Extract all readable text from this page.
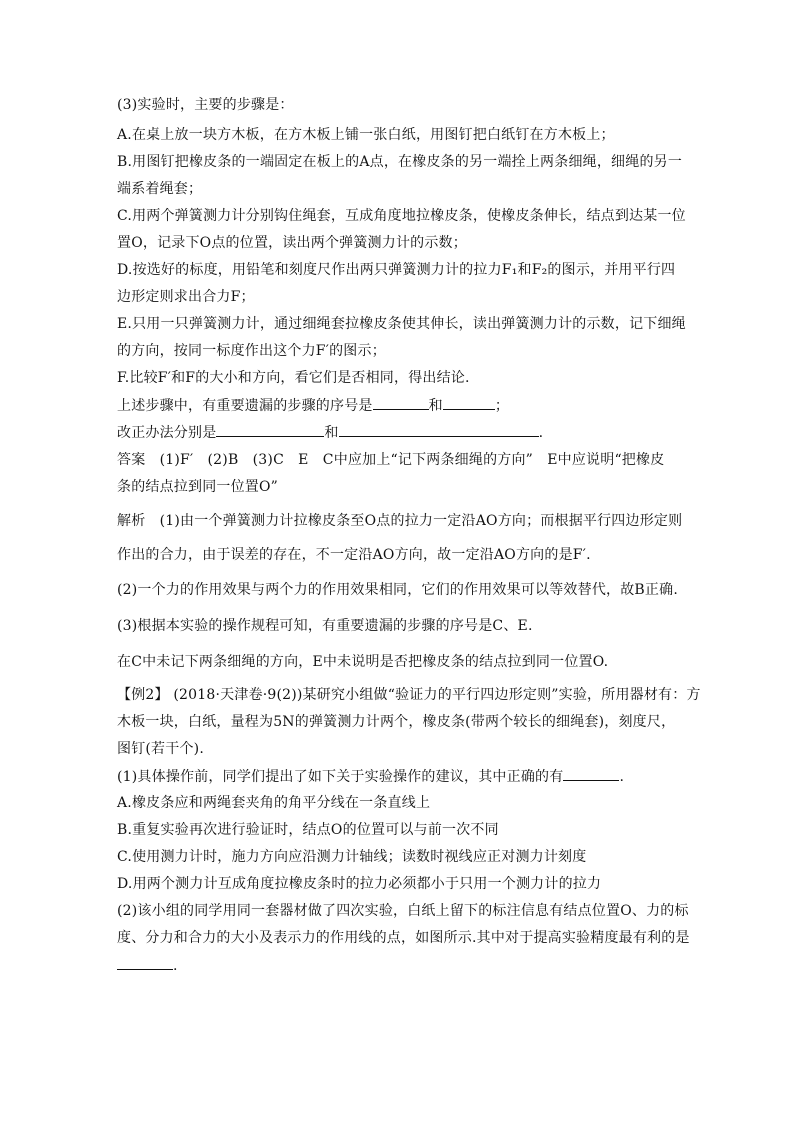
(3)实验时，主要的步骤是：
A.在桌上放一块方木板，在方木板上铺一张白纸，用图钉把白纸钉在方木板上；
B.用图钉把橡皮条的一端固定在板上的A点，在橡皮条的另一端拴上两条细绳，细绳的另一
端系着绳套；
C.用两个弹簧测力计分别钩住绳套，互成角度地拉橡皮条，使橡皮条伸长，结点到达某一位
置O，记录下O点的位置，读出两个弹簧测力计的示数；
D.按选好的标度，用铅笔和刻度尺作出两只弹簧测力计的拉力F₁和F₂的图示，并用平行四
边形定则求出合力F；
E.只用一只弹簧测力计，通过细绳套拉橡皮条使其伸长，读出弹簧测力计的示数，记下细绳
的方向，按同一标度作出这个力F′的图示；
F.比较F′和F的大小和方向，看它们是否相同，得出结论.
上述步骤中，有重要遗漏的步骤的序号是	和	；
改正办法分别是	和	.
答案　(1)F′　(2)B　(3)C　E　C中应加上“记下两条细绳的方向”　E中应说明“把橡皮
条的结点拉到同一位置O”
解析　(1)由一个弹簧测力计拉橡皮条至O点的拉力一定沿AO方向；而根据平行四边形定则
作出的合力，由于误差的存在，不一定沿AO方向，故一定沿AO方向的是F′.
(2)一个力的作用效果与两个力的作用效果相同，它们的作用效果可以等效替代，故B正确.
(3)根据本实验的操作规程可知，有重要遗漏的步骤的序号是C、E.
在C中未记下两条细绳的方向，E中未说明是否把橡皮条的结点拉到同一位置O.
【例2】 (2018·天津卷·9(2))某研究小组做“验证力的平行四边形定则”实验，所用器材有：方
木板一块，白纸，量程为5N的弹簧测力计两个，橡皮条(带两个较长的细绳套)，刻度尺，
图钉(若干个).
(1)具体操作前，同学们提出了如下关于实验操作的建议，其中正确的有	.
A.橡皮条应和两绳套夹角的角平分线在一条直线上
B.重复实验再次进行验证时，结点O的位置可以与前一次不同
C.使用测力计时，施力方向应沿测力计轴线；读数时视线应正对测力计刻度
D.用两个测力计互成角度拉橡皮条时的拉力必须都小于只用一个测力计的拉力
(2)该小组的同学用同一套器材做了四次实验，白纸上留下的标注信息有结点位置O、力的标
度、分力和合力的大小及表示力的作用线的点，如图所示.其中对于提高实验精度最有利的是
.
